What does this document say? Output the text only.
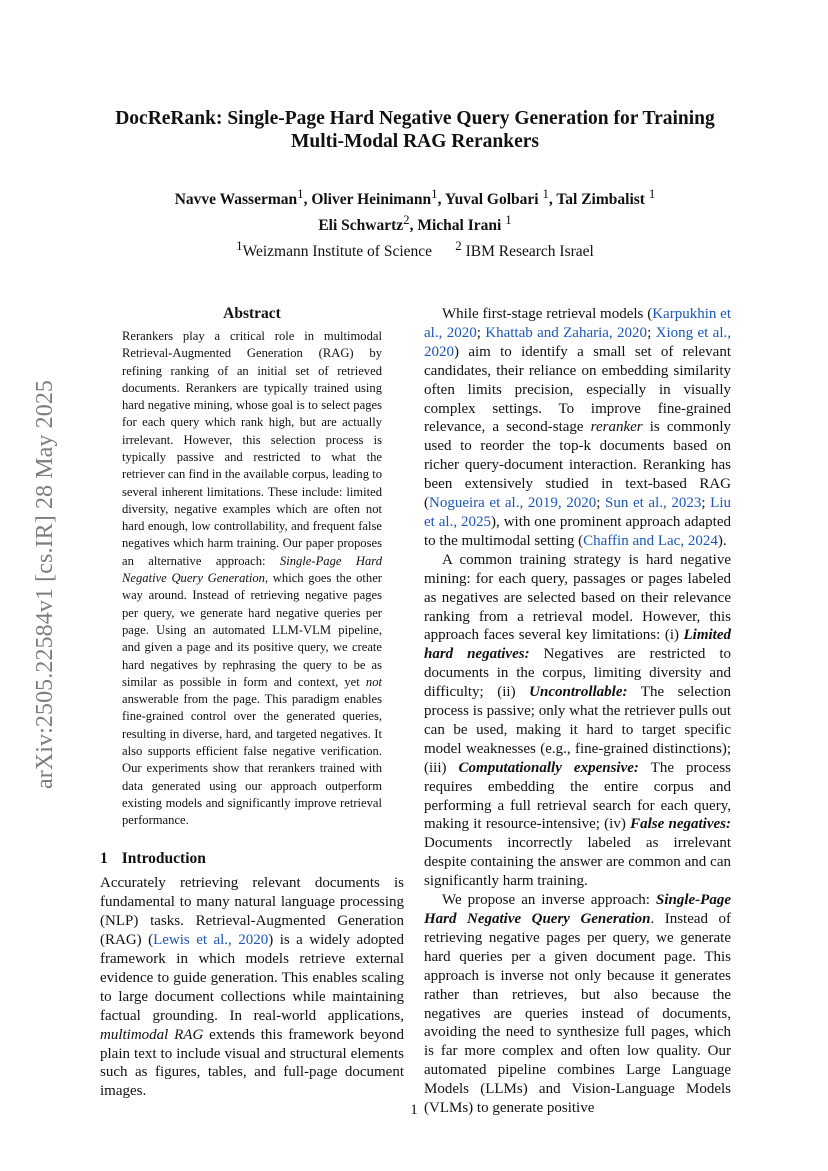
arXiv:2505.22584v1 [cs.IR] 28 May 2025
DocReRank: Single-Page Hard Negative Query Generation for Training
Multi-Modal RAG Rerankers
Navve Wasserman$^1$, Oliver Heinimann$^1$, Yuval Golbari $^1$, Tal Zimbalist $^1$
Eli Schwartz$^2$, Michal Irani $^1$
$^1$Weizmann Institute of Science $^2$ IBM Research Israel
Abstract

Rerankers play a critical role in multimodal Retrieval-Augmented Generation (RAG) by refining ranking of an initial set of retrieved documents. Rerankers are typically trained using hard negative mining, whose goal is to select pages for each query which rank high, but are actually irrelevant. However, this selection process is typically passive and restricted to what the retriever can find in the available corpus, leading to several inherent limitations. These include: limited diversity, negative examples which are often not hard enough, low controllability, and frequent false negatives which harm training. Our paper proposes an alternative approach: Single-Page Hard Negative Query Generation, which goes the other way around. Instead of retrieving negative pages per query, we generate hard negative queries per page. Using an automated LLM-VLM pipeline, and given a page and its positive query, we create hard negatives by rephrasing the query to be as similar as possible in form and context, yet not answerable from the page. This paradigm enables fine-grained control over the generated queries, resulting in diverse, hard, and targeted negatives. It also supports efficient false negative verification. Our experiments show that rerankers trained with data generated using our approach outperform existing models and significantly improve retrieval performance.

1 Introduction

Accurately retrieving relevant documents is fundamental to many natural language processing (NLP) tasks. Retrieval-Augmented Generation (RAG) (Lewis et al., 2020) is a widely adopted framework in which models retrieve external evidence to guide generation. This enables scaling to large document collections while maintaining factual grounding. In real-world applications, multimodal RAG extends this framework beyond plain text to include visual and structural elements such as figures, tables, and full-page document images.

While first-stage retrieval models (Karpukhin et al., 2020; Khattab and Zaharia, 2020; Xiong et al., 2020) aim to identify a small set of relevant candidates, their reliance on embedding similarity often limits precision, especially in visually complex settings. To improve fine-grained relevance, a second-stage reranker is commonly used to reorder the top-k documents based on richer query-document interaction. Reranking has been extensively studied in text-based RAG (Nogueira et al., 2019, 2020; Sun et al., 2023; Liu et al., 2025), with one prominent approach adapted to the multimodal setting (Chaffin and Lac, 2024).

A common training strategy is hard negative mining: for each query, passages or pages labeled as negatives are selected based on their relevance ranking from a retrieval model. However, this approach faces several key limitations: (i) Limited hard negatives: Negatives are restricted to documents in the corpus, limiting diversity and difficulty; (ii) Uncontrollable: The selection process is passive; only what the retriever pulls out can be used, making it hard to target specific model weaknesses (e.g., fine-grained distinctions); (iii) Computationally expensive: The process requires embedding the entire corpus and performing a full retrieval search for each query, making it resource-intensive; (iv) False negatives: Documents incorrectly labeled as irrelevant despite containing the answer are common and can significantly harm training.

We propose an inverse approach: Single-Page Hard Negative Query Generation. Instead of retrieving negative pages per query, we generate hard queries per a given document page. This approach is inverse not only because it generates rather than retrieves, but also because the negatives are queries instead of documents, avoiding the need to synthesize full pages, which is far more complex and often low quality. Our automated pipeline combines Large Language Models (LLMs) and Vision-Language Models (VLMs) to generate positive

1
